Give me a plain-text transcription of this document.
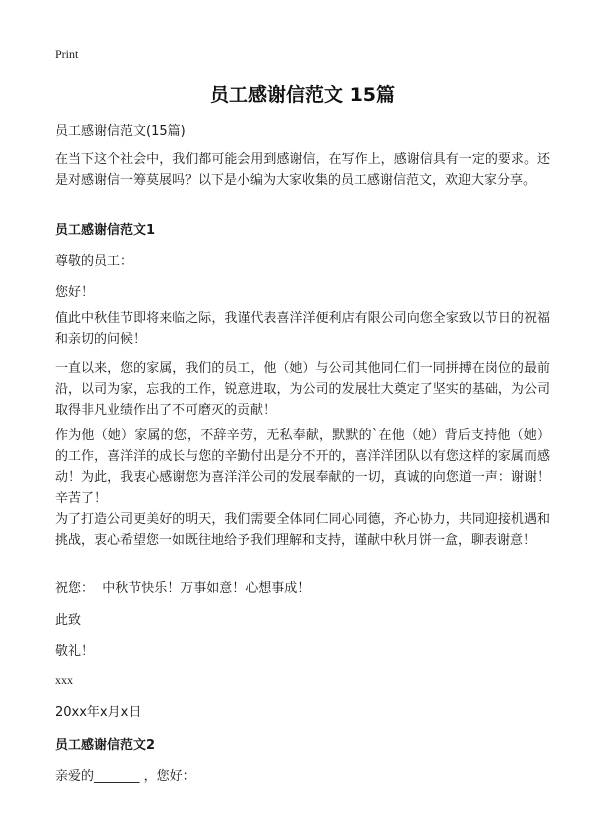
Print
员工感谢信范文 15篇
员工感谢信范文(15篇)

在当下这个社会中，我们都可能会用到感谢信，在写作上，感谢信具有一定的要求。还是对感谢信一筹莫展吗？以下是小编为大家收集的员工感谢信范文，欢迎大家分享。

员工感谢信范文1
尊敬的员工：
您好！

值此中秋佳节即将来临之际，我谨代表喜洋洋便利店有限公司向您全家致以节日的祝福和亲切的问候！

一直以来，您的家属，我们的员工，他（她）与公司其他同仁们一同拼搏在岗位的最前沿，以司为家，忘我的工作，锐意进取，为公司的发展壮大奠定了坚实的基础，为公司取得非凡业绩作出了不可磨灭的贡献！

作为他（她）家属的您，不辞辛劳，无私奉献，默默的`在他（她）背后支持他（她）的工作，喜洋洋的成长与您的辛勤付出是分不开的，喜洋洋团队以有您这样的家属而感动！为此，我衷心感谢您为喜洋洋公司的发展奉献的一切，真诚的向您道一声：谢谢！辛苦了！

为了打造公司更美好的明天，我们需要全体同仁同心同德，齐心协力，共同迎接机遇和挑战，衷心希望您一如既往地给予我们理解和支持，谨献中秋月饼一盒，聊表谢意！

祝您：  中秋节快乐！万事如意！心想事成！
此致
敬礼！
xxx
20xx年x月x日
员工感谢信范文2
亲爱的_______ ，您好：
